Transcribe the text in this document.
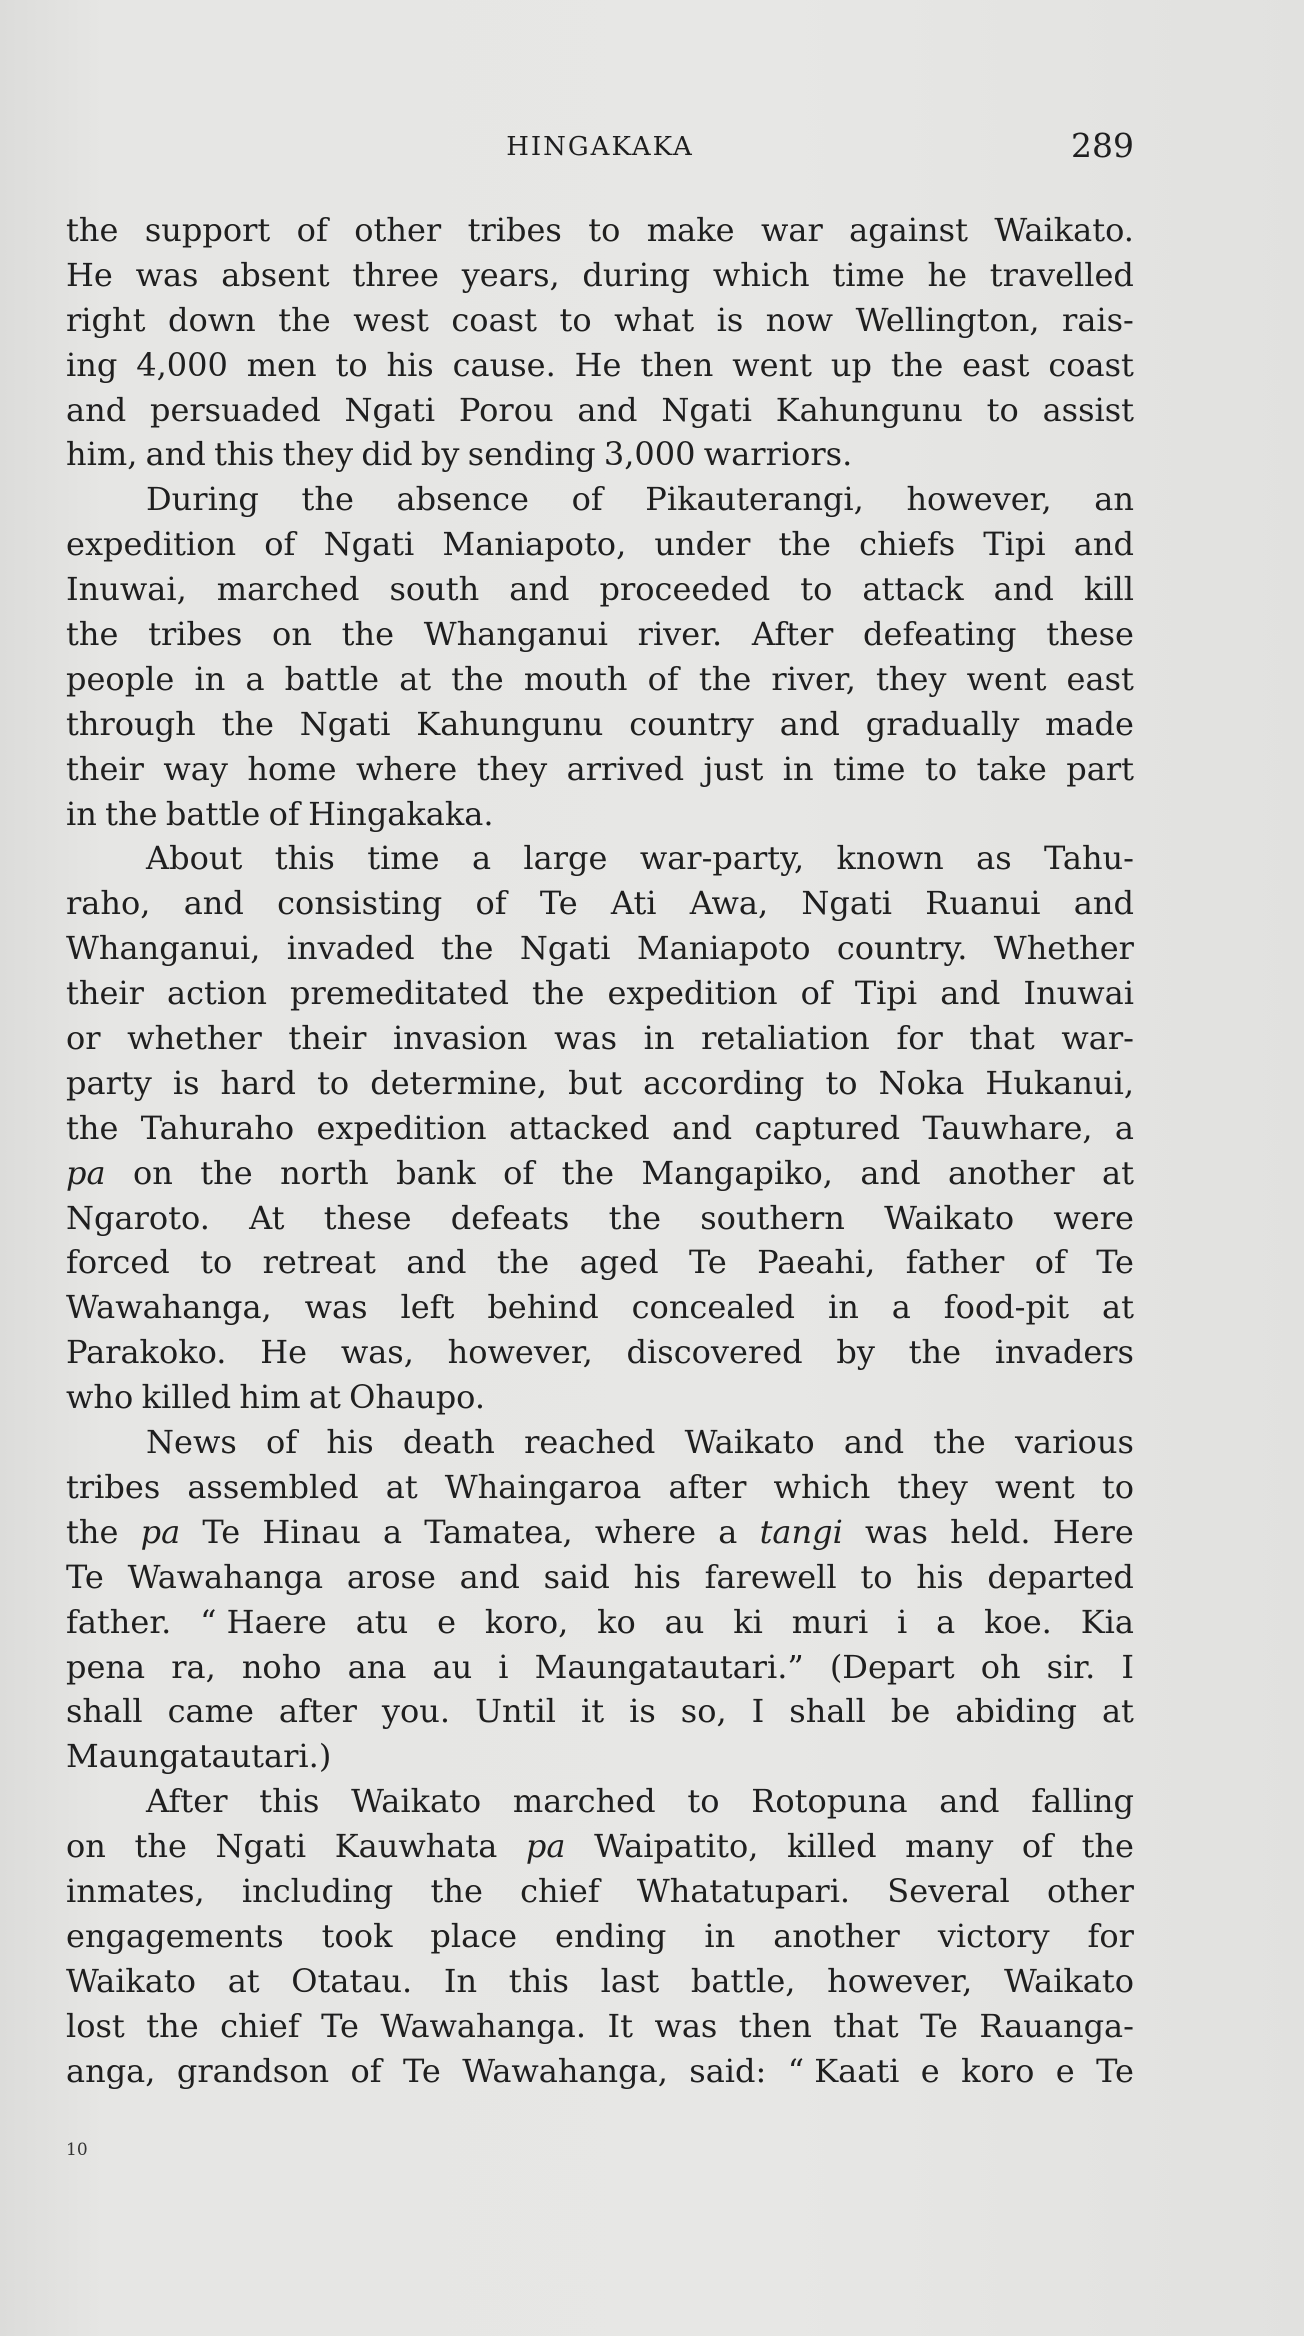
HINGAKAKA	289
the support of other tribes to make war against Waikato.
He was absent three years, during which time he travelled
right down the west coast to what is now Wellington, rais-
ing 4,000 men to his cause. He then went up the east coast
and persuaded Ngati Porou and Ngati Kahungunu to assist
him, and this they did by sending 3,000 warriors.
During the absence of Pikauterangi, however, an
expedition of Ngati Maniapoto, under the chiefs Tipi and
Inuwai, marched south and proceeded to attack and kill
the tribes on the Whanganui river. After defeating these
people in a battle at the mouth of the river, they went east
through the Ngati Kahungunu country and gradually made
their way home where they arrived just in time to take part
in the battle of Hingakaka.
About this time a large war-party, known as Tahu-
raho, and consisting of Te Ati Awa, Ngati Ruanui and
Whanganui, invaded the Ngati Maniapoto country. Whether
their action premeditated the expedition of Tipi and Inuwai
or whether their invasion was in retaliation for that war-
party is hard to determine, but according to Noka Hukanui,
the Tahuraho expedition attacked and captured Tauwhare, a
pa on the north bank of the Mangapiko, and another at
Ngaroto. At these defeats the southern Waikato were
forced to retreat and the aged Te Paeahi, father of Te
Wawahanga, was left behind concealed in a food-pit at
Parakoko. He was, however, discovered by the invaders
who killed him at Ohaupo.
News of his death reached Waikato and the various
tribes assembled at Whaingaroa after which they went to
the pa Te Hinau a Tamatea, where a tangi was held. Here
Te Wawahanga arose and said his farewell to his departed
father. “ Haere atu e koro, ko au ki muri i a koe. Kia
pena ra, noho ana au i Maungatautari.” (Depart oh sir. I
shall came after you. Until it is so, I shall be abiding at
Maungatautari.)
After this Waikato marched to Rotopuna and falling
on the Ngati Kauwhata pa Waipatito, killed many of the
inmates, including the chief Whatatupari. Several other
engagements took place ending in another victory for
Waikato at Otatau. In this last battle, however, Waikato
lost the chief Te Wawahanga. It was then that Te Rauanga-
anga, grandson of Te Wawahanga, said: “ Kaati e koro e Te
10
